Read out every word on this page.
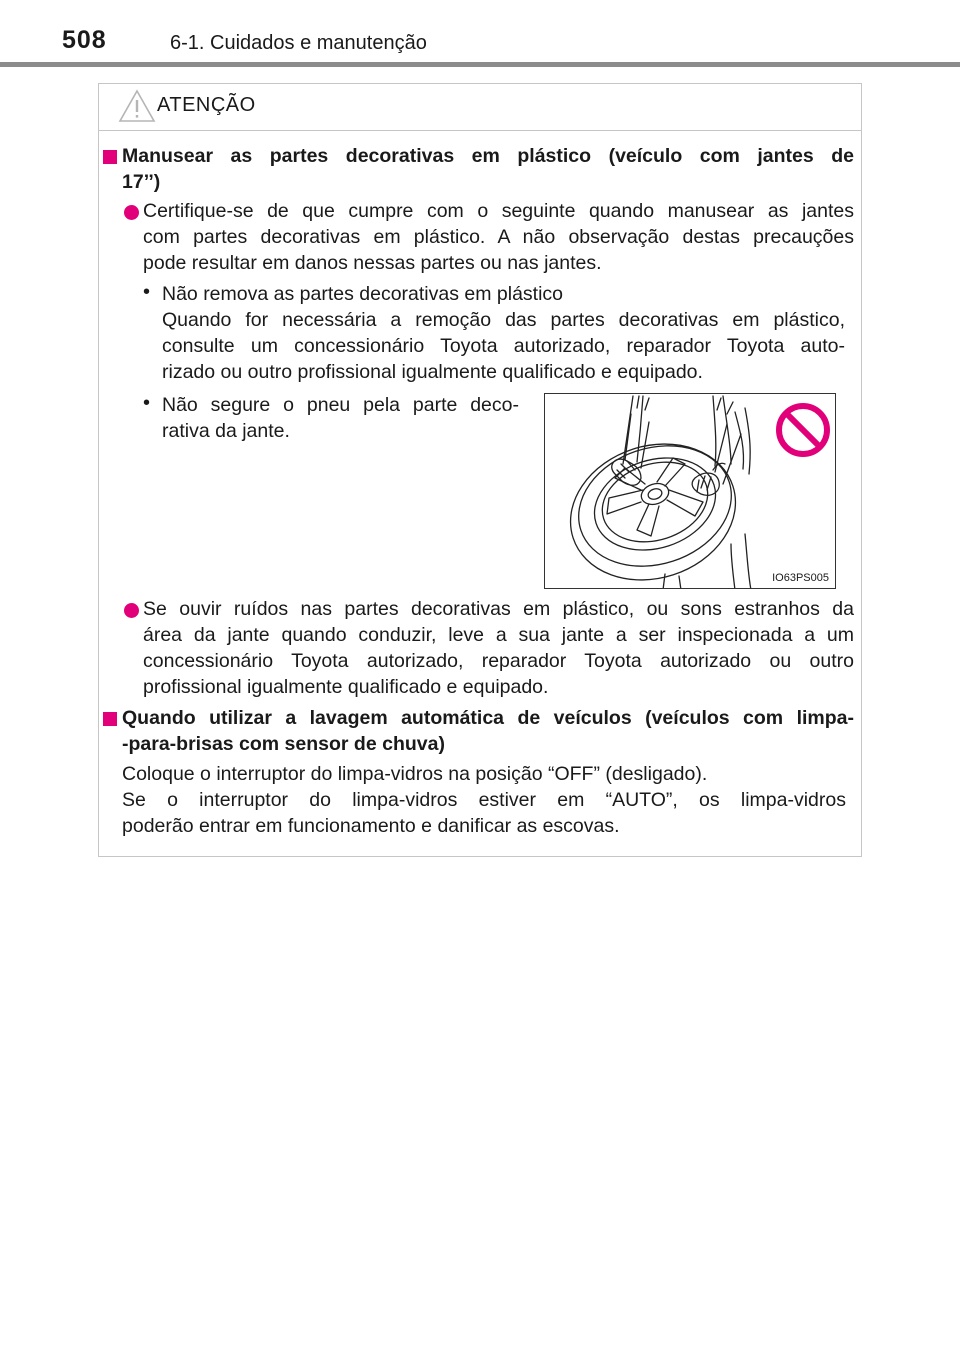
508	6-1. Cuidados e manutenção
ATENÇÃO
Manusear as partes decorativas em plástico (veículo com jantes de
17’’)
Certifique-se de que cumpre com o seguinte quando manusear as jantes
com partes decorativas em plástico. A não observação destas precauções
pode resultar em danos nessas partes ou nas jantes.
• Não remova as partes decorativas em plástico
Quando for necessária a remoção das partes decorativas em plástico,
consulte um concessionário Toyota autorizado, reparador Toyota auto-
rizado ou outro profissional igualmente qualificado e equipado.
• Não segure o pneu pela parte deco-
rativa da jante.
IO63PS005
Se ouvir ruídos nas partes decorativas em plástico, ou sons estranhos da
área da jante quando conduzir, leve a sua jante a ser inspecionada a um
concessionário Toyota autorizado, reparador Toyota autorizado ou outro
profissional igualmente qualificado e equipado.
Quando utilizar a lavagem automática de veículos (veículos com limpa-
-para-brisas com sensor de chuva)
Coloque o interruptor do limpa-vidros na posição “OFF” (desligado).
Se o interruptor do limpa-vidros estiver em “AUTO”, os limpa-vidros
poderão entrar em funcionamento e danificar as escovas.
